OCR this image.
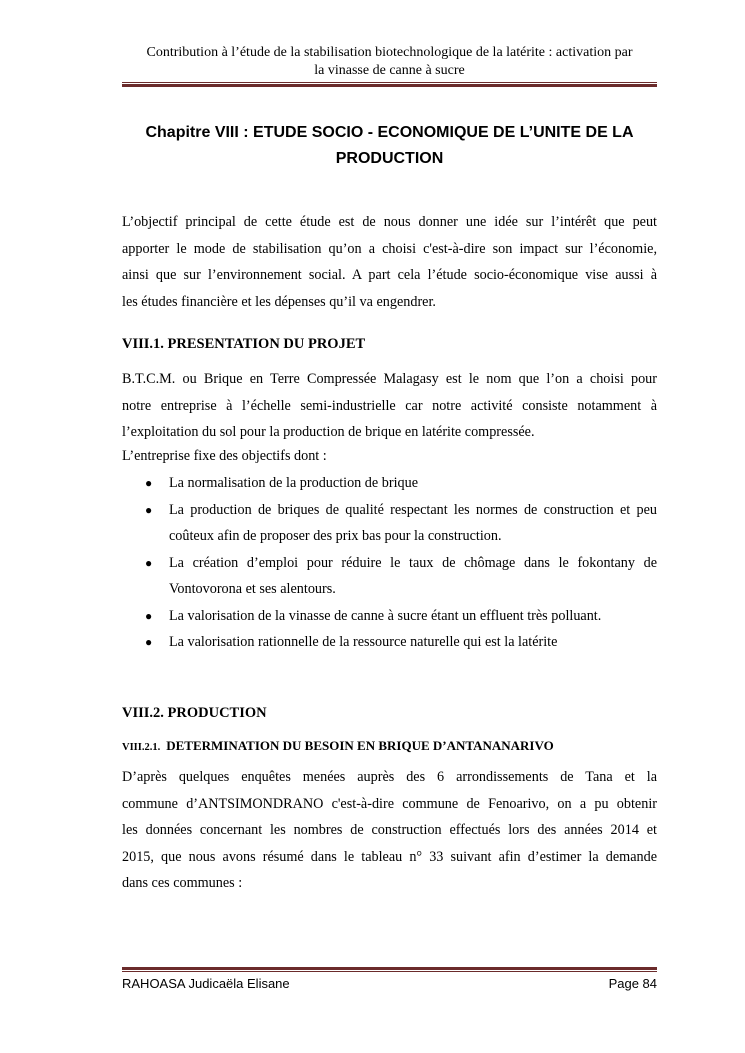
Contribution à l’étude de la stabilisation biotechnologique de la latérite : activation par
la vinasse de canne à sucre
Chapitre VIII : ETUDE SOCIO - ECONOMIQUE DE L’UNITE DE LA
PRODUCTION
L’objectif principal de cette étude est de nous donner une idée sur l’intérêt que peut
apporter le mode de stabilisation qu’on a choisi c'est-à-dire son impact sur l’économie,
ainsi que sur l’environnement social. A part cela l’étude socio-économique vise aussi à
les études financière et les dépenses qu’il va engendrer.
VIII.1. PRESENTATION DU PROJET
B.T.C.M. ou Brique en Terre Compressée Malagasy est le nom que l’on a choisi pour
notre entreprise à l’échelle semi-industrielle car notre activité consiste notamment à
l’exploitation du sol pour la production de brique en latérite compressée.
L’entreprise fixe des objectifs dont :
● La normalisation de la production de brique
● La production de briques de qualité respectant les normes de construction et peu
coûteux afin de proposer des prix bas pour la construction.
● La création d’emploi pour réduire le taux de chômage dans le fokontany de
Vontovorona et ses alentours.
● La valorisation de la vinasse de canne à sucre étant un effluent très polluant.
● La valorisation rationnelle de la ressource naturelle qui est la latérite
VIII.2. PRODUCTION
VIII.2.1. DETERMINATION DU BESOIN EN BRIQUE D’ANTANANARIVO
D’après quelques enquêtes menées auprès des 6 arrondissements de Tana et la
commune d’ANTSIMONDRANO c'est-à-dire commune de Fenoarivo, on a pu obtenir
les données concernant les nombres de construction effectués lors des années 2014 et
2015, que nous avons résumé dans le tableau n° 33 suivant afin d’estimer la demande
dans ces communes :
RAHOASA Judicaëla Elisane	Page 84
